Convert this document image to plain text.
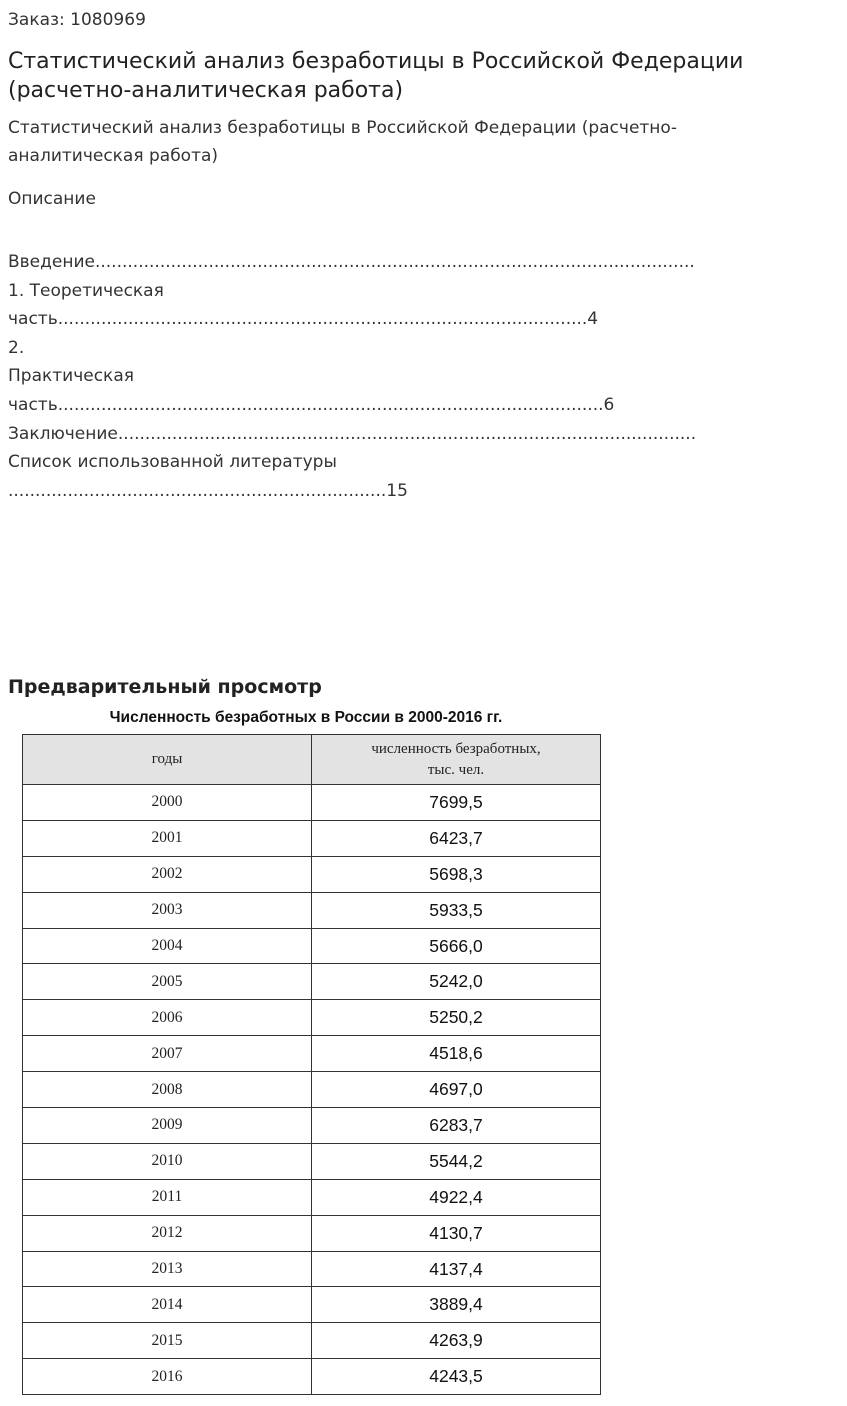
Заказ: 1080969
Статистический анализ безработицы в Российской Федерации (расчетно-аналитическая работа)
Статистический анализ безработицы в Российской Федерации (расчетно-
аналитическая работа)
Описание
Введение...............................................................................................................
1. Теоретическая
часть..................................................................................................4
2.
Практическая
часть.....................................................................................................6
Заключение...........................................................................................................
Список использованной литературы
......................................................................15
Предварительный просмотр
Численность безработных в России в 2000-2016 гг.
годы	численность безработных,
тыс. чел.
2000	7699,5
2001	6423,7
2002	5698,3
2003	5933,5
2004	5666,0
2005	5242,0
2006	5250,2
2007	4518,6
2008	4697,0
2009	6283,7
2010	5544,2
2011	4922,4
2012	4130,7
2013	4137,4
2014	3889,4
2015	4263,9
2016	4243,5
